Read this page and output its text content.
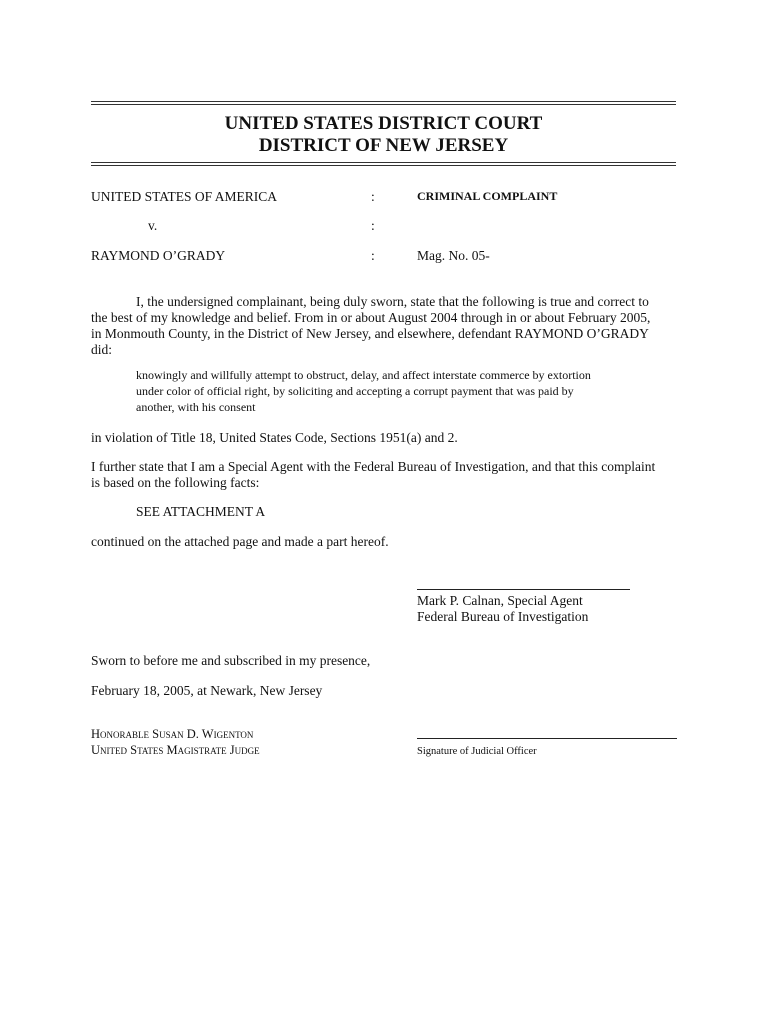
UNITED STATES DISTRICT COURT
DISTRICT OF NEW JERSEY
UNITED STATES OF AMERICA	:	CRIMINAL COMPLAINT
v.	:
RAYMOND O’GRADY	:	Mag. No. 05-
I, the undersigned complainant, being duly sworn, state that the following is true and correct to
the best of my knowledge and belief. From in or about August 2004 through in or about February 2005,
in Monmouth County, in the District of New Jersey, and elsewhere, defendant RAYMOND O’GRADY
did:
knowingly and willfully attempt to obstruct, delay, and affect interstate commerce by extortion
under color of official right, by soliciting and accepting a corrupt payment that was paid by
another, with his consent
in violation of Title 18, United States Code, Sections 1951(a) and 2.
I further state that I am a Special Agent with the Federal Bureau of Investigation, and that this complaint
is based on the following facts:
SEE ATTACHMENT A
continued on the attached page and made a part hereof.
Mark P. Calnan, Special Agent
Federal Bureau of Investigation
Sworn to before me and subscribed in my presence,
February 18, 2005, at Newark, New Jersey
Honorable Susan D. Wigenton
United States Magistrate Judge	Signature of Judicial Officer
